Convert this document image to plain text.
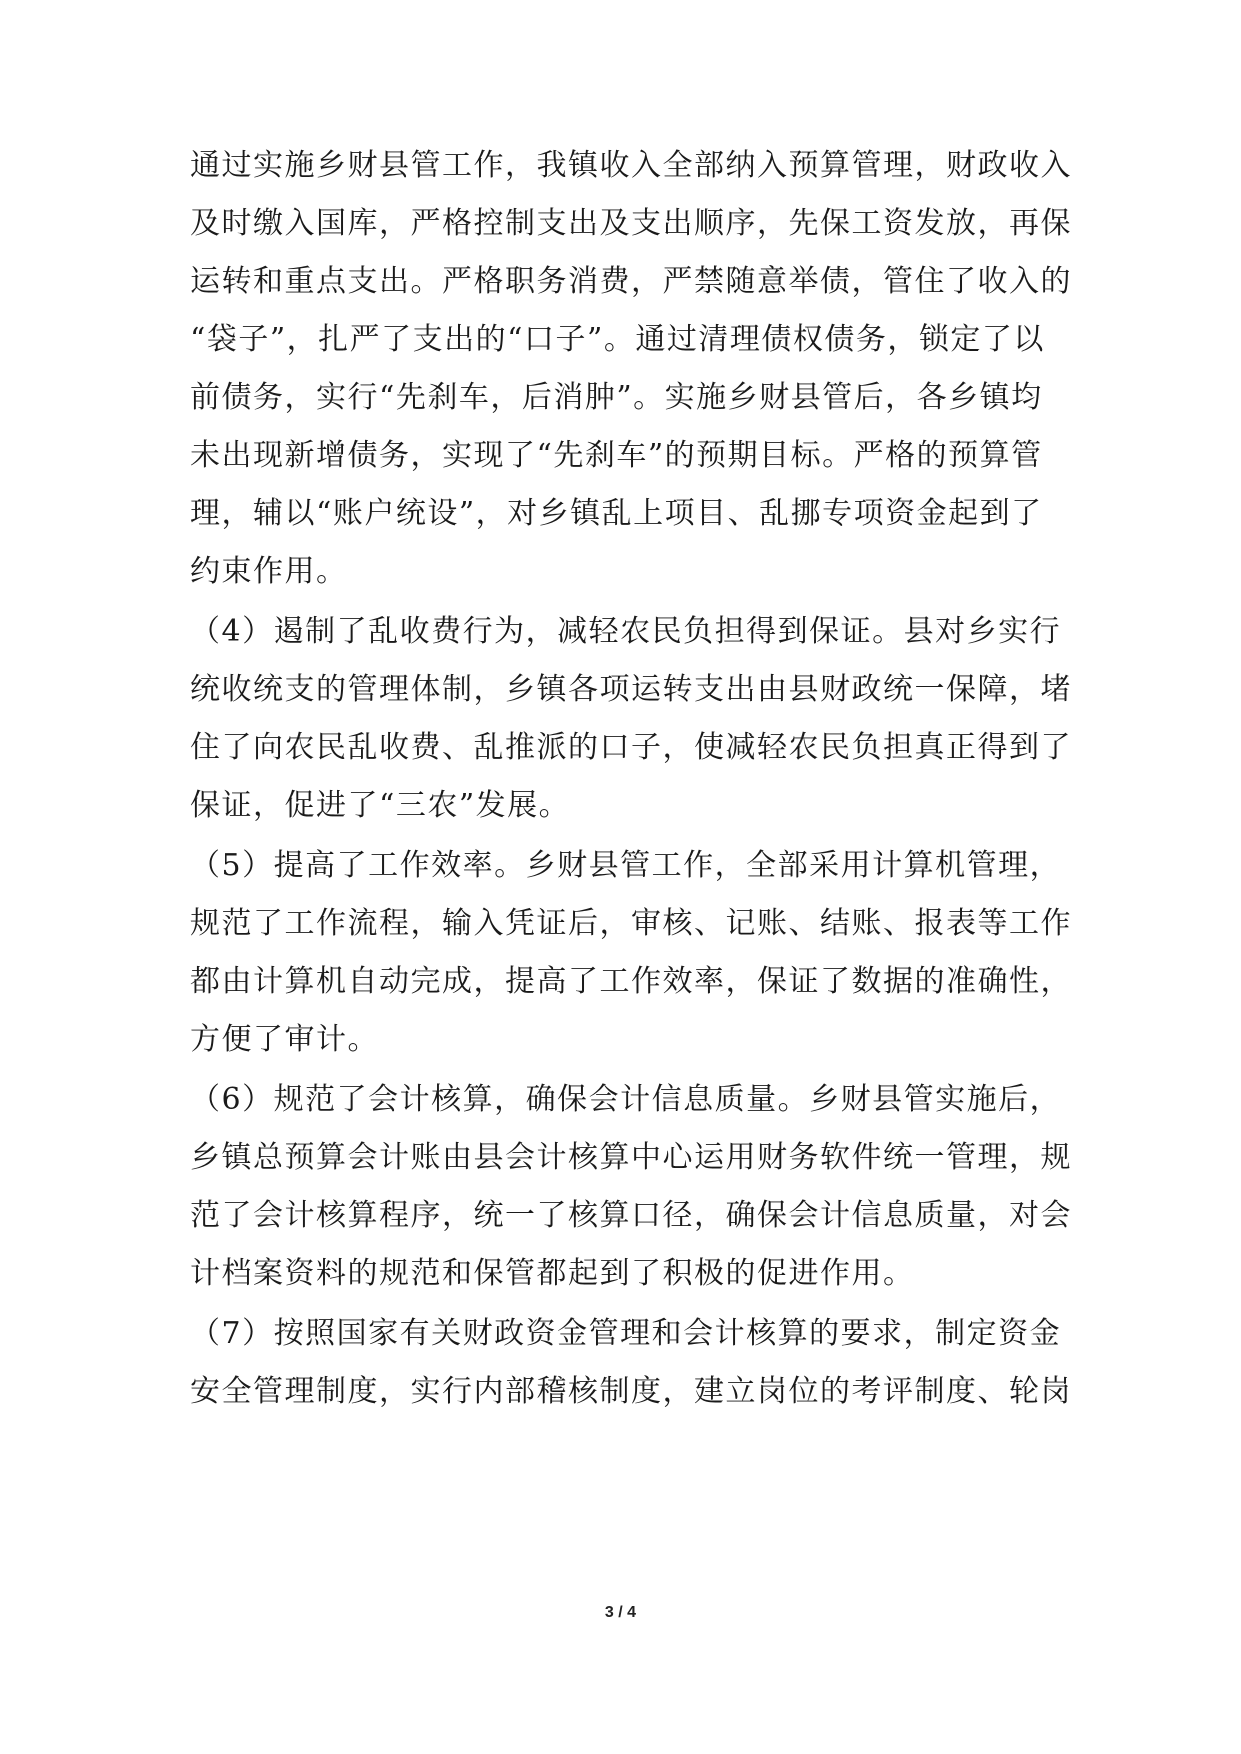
通过实施乡财县管工作，我镇收入全部纳入预算管理，财政收入
及时缴入国库，严格控制支出及支出顺序，先保工资发放，再保
运转和重点支出。严格职务消费，严禁随意举债，管住了收入的
“袋子”，扎严了支出的“口子”。通过清理债权债务，锁定了以
前债务，实行“先刹车，后消肿”。实施乡财县管后，各乡镇均
未出现新增债务，实现了“先刹车”的预期目标。严格的预算管
理，辅以“账户统设”，对乡镇乱上项目、乱挪专项资金起到了
约束作用。
（4）遏制了乱收费行为，减轻农民负担得到保证。县对乡实行
统收统支的管理体制，乡镇各项运转支出由县财政统一保障，堵
住了向农民乱收费、乱推派的口子，使减轻农民负担真正得到了
保证，促进了“三农”发展。
（5）提高了工作效率。乡财县管工作，全部采用计算机管理，
规范了工作流程，输入凭证后，审核、记账、结账、报表等工作
都由计算机自动完成，提高了工作效率，保证了数据的准确性，
方便了审计。
（6）规范了会计核算，确保会计信息质量。乡财县管实施后，
乡镇总预算会计账由县会计核算中心运用财务软件统一管理，规
范了会计核算程序，统一了核算口径，确保会计信息质量，对会
计档案资料的规范和保管都起到了积极的促进作用。
（7）按照国家有关财政资金管理和会计核算的要求，制定资金
安全管理制度，实行内部稽核制度，建立岗位的考评制度、轮岗
3 / 4
